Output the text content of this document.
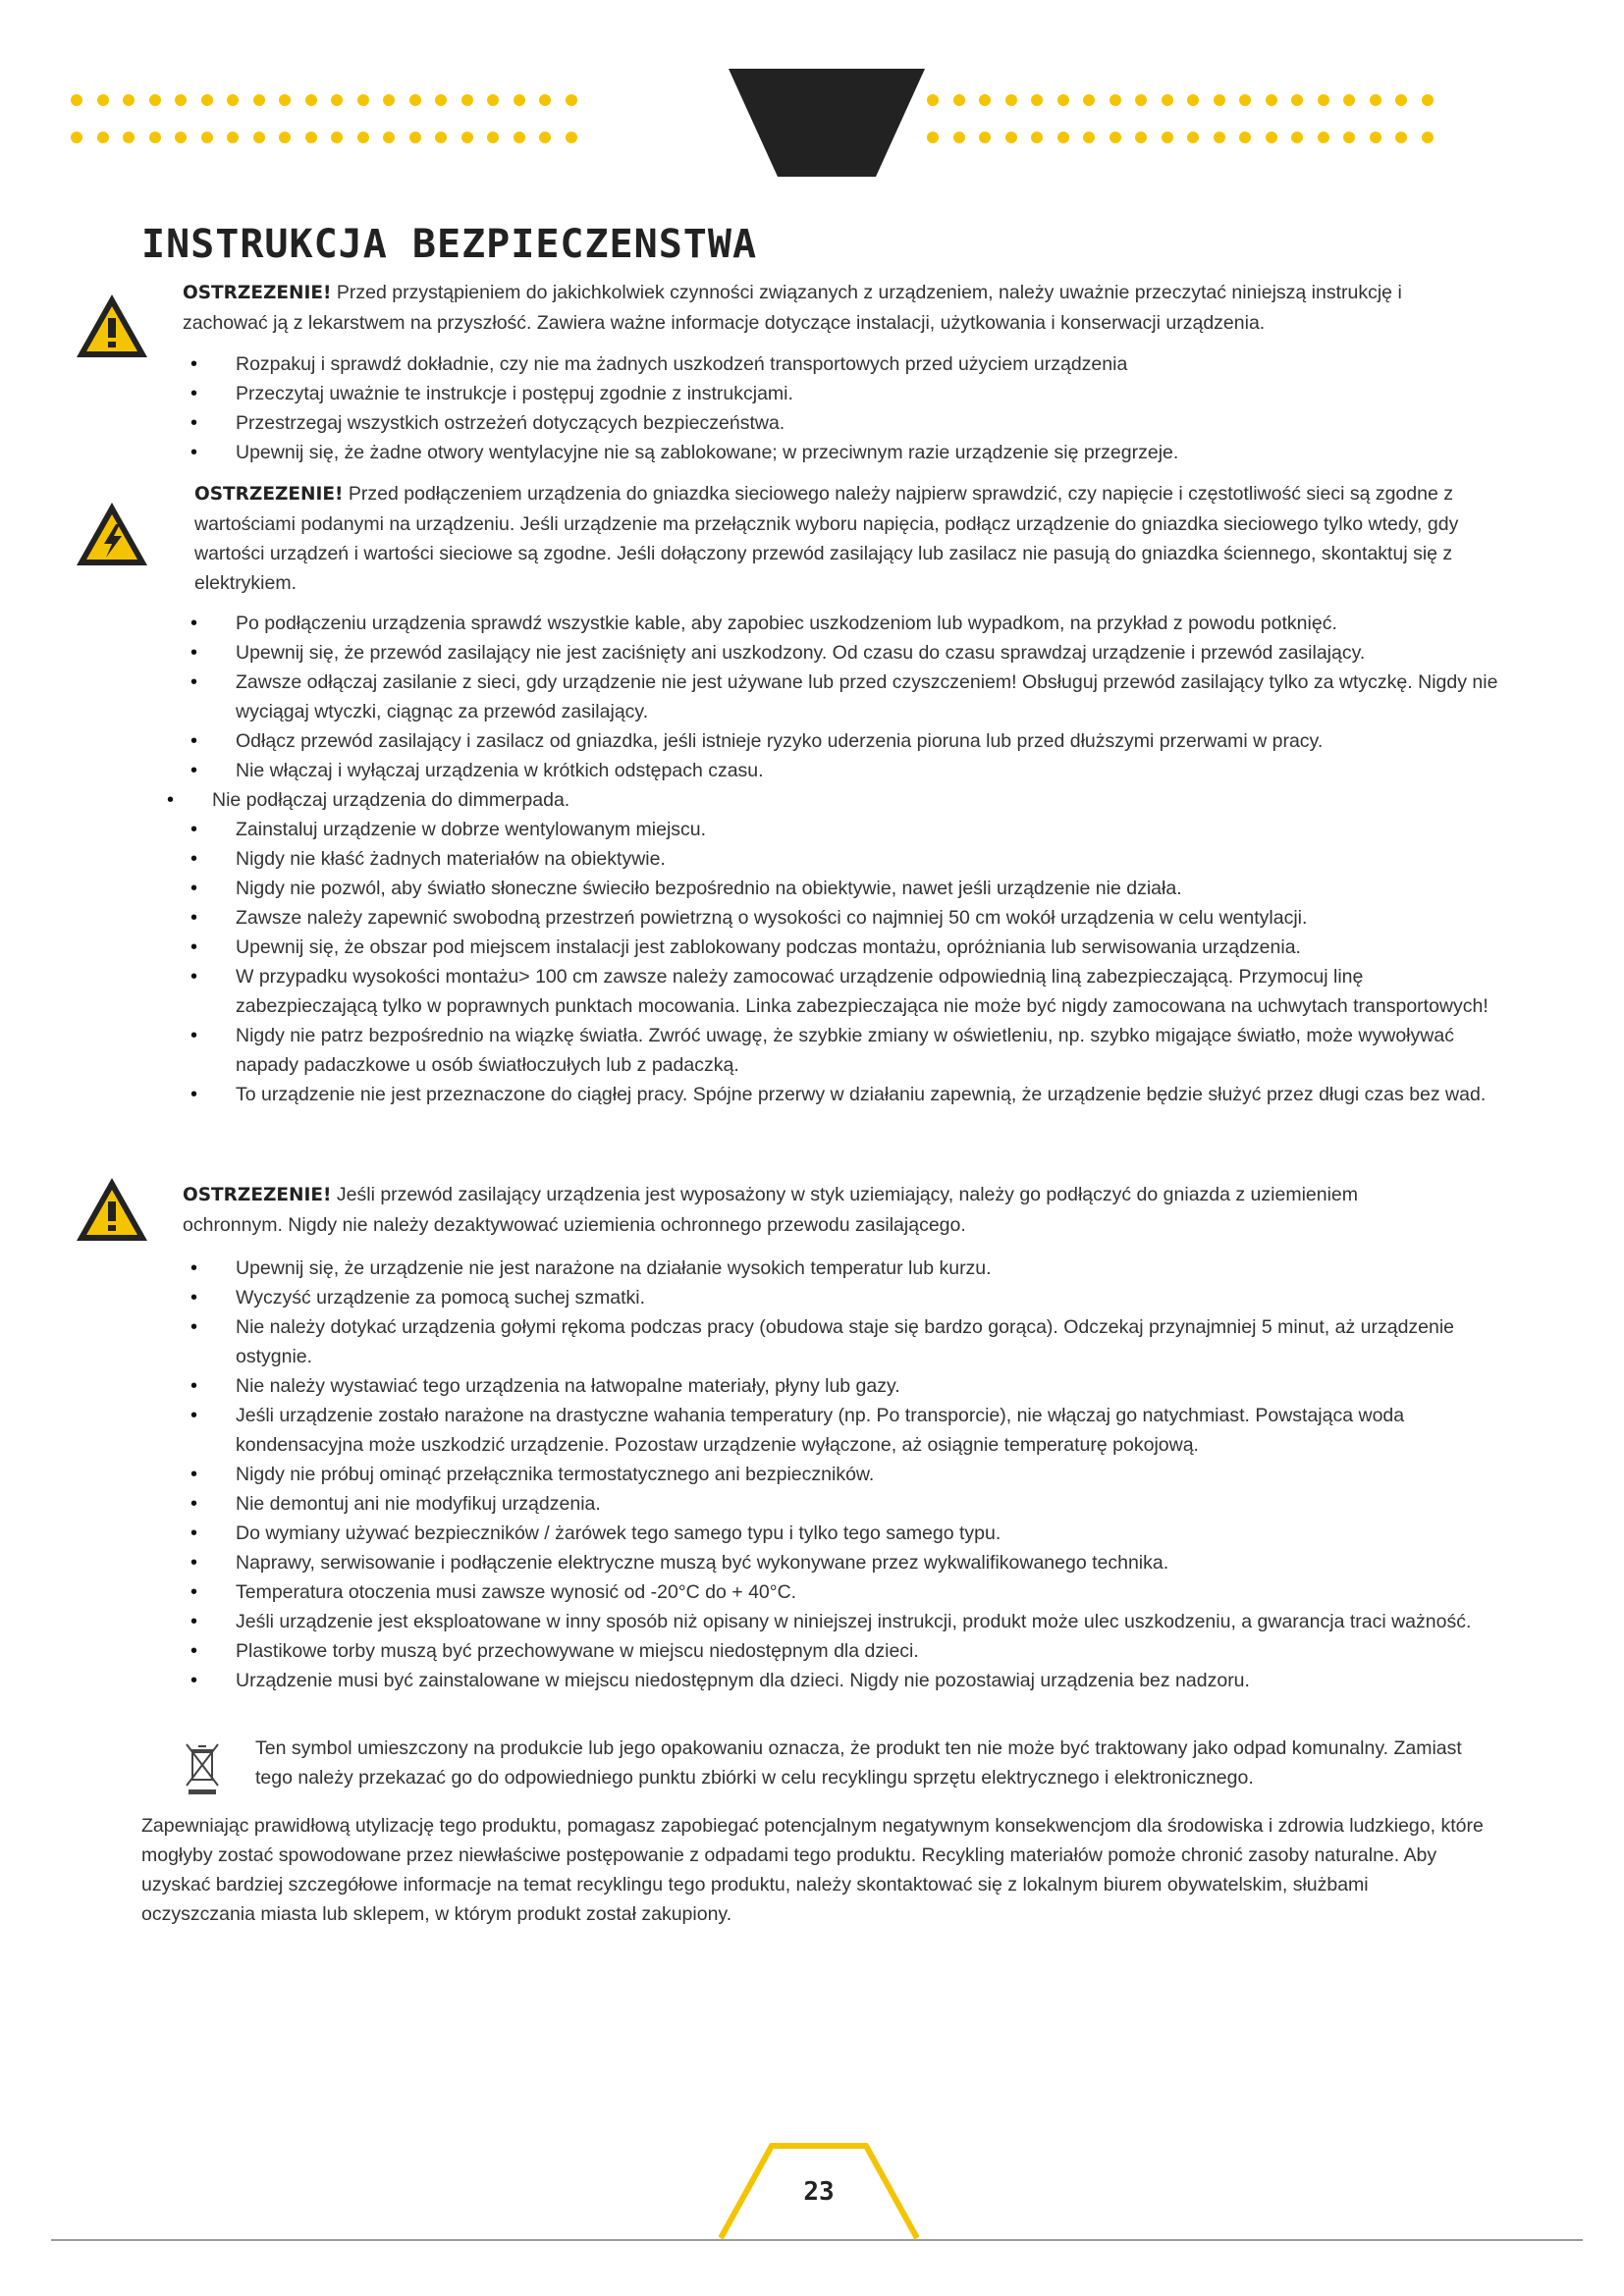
INSTRUKCJA BEZPIECZENSTWA
OSTRZEZENIE! Przed przystąpieniem do jakichkolwiek czynności związanych z urządzeniem, należy uważnie przeczytać niniejszą instrukcję i zachować ją z lekarstwem na przyszłość. Zawiera ważne informacje dotyczące instalacji, użytkowania i konserwacji urządzenia.
• Rozpakuj i sprawdź dokładnie, czy nie ma żadnych uszkodzeń transportowych przed użyciem urządzenia
• Przeczytaj uważnie te instrukcje i postępuj zgodnie z instrukcjami.
• Przestrzegaj wszystkich ostrzeżeń dotyczących bezpieczeństwa.
• Upewnij się, że żadne otwory wentylacyjne nie są zablokowane; w przeciwnym razie urządzenie się przegrzeje.
OSTRZEZENIE! Przed podłączeniem urządzenia do gniazdka sieciowego należy najpierw sprawdzić, czy napięcie i częstotliwość sieci są zgodne z wartościami podanymi na urządzeniu. Jeśli urządzenie ma przełącznik wyboru napięcia, podłącz urządzenie do gniazdka sieciowego tylko wtedy, gdy wartości urządzeń i wartości sieciowe są zgodne. Jeśli dołączony przewód zasilający lub zasilacz nie pasują do gniazdka ściennego, skontaktuj się z elektrykiem.
• Po podłączeniu urządzenia sprawdź wszystkie kable, aby zapobiec uszkodzeniom lub wypadkom, na przykład z powodu potknięć.
• Upewnij się, że przewód zasilający nie jest zaciśnięty ani uszkodzony. Od czasu do czasu sprawdzaj urządzenie i przewód zasilający.
• Zawsze odłączaj zasilanie z sieci, gdy urządzenie nie jest używane lub przed czyszczeniem! Obsługuj przewód zasilający tylko za wtyczkę. Nigdy nie wyciągaj wtyczki, ciągnąc za przewód zasilający.
• Odłącz przewód zasilający i zasilacz od gniazdka, jeśli istnieje ryzyko uderzenia pioruna lub przed dłuższymi przerwami w pracy.
• Nie włączaj i wyłączaj urządzenia w krótkich odstępach czasu.
• Nie podłączaj urządzenia do dimmerpada.
• Zainstaluj urządzenie w dobrze wentylowanym miejscu.
• Nigdy nie kłaść żadnych materiałów na obiektywie.
• Nigdy nie pozwól, aby światło słoneczne świeciło bezpośrednio na obiektywie, nawet jeśli urządzenie nie działa.
• Zawsze należy zapewnić swobodną przestrzeń powietrzną o wysokości co najmniej 50 cm wokół urządzenia w celu wentylacji.
• Upewnij się, że obszar pod miejscem instalacji jest zablokowany podczas montażu, opróżniania lub serwisowania urządzenia.
• W przypadku wysokości montażu> 100 cm zawsze należy zamocować urządzenie odpowiednią liną zabezpieczającą. Przymocuj linę zabezpieczającą tylko w poprawnych punktach mocowania. Linka zabezpieczająca nie może być nigdy zamocowana na uchwytach transportowych!
• Nigdy nie patrz bezpośrednio na wiązkę światła. Zwróć uwagę, że szybkie zmiany w oświetleniu, np. szybko migające światło, może wywoływać napady padaczkowe u osób światłoczułych lub z padaczką.
• To urządzenie nie jest przeznaczone do ciągłej pracy. Spójne przerwy w działaniu zapewnią, że urządzenie będzie służyć przez długi czas bez wad.
OSTRZEZENIE! Jeśli przewód zasilający urządzenia jest wyposażony w styk uziemiający, należy go podłączyć do gniazda z uziemieniem ochronnym. Nigdy nie należy dezaktywować uziemienia ochronnego przewodu zasilającego.
• Upewnij się, że urządzenie nie jest narażone na działanie wysokich temperatur lub kurzu.
• Wyczyść urządzenie za pomocą suchej szmatki.
• Nie należy dotykać urządzenia gołymi rękoma podczas pracy (obudowa staje się bardzo gorąca). Odczekaj przynajmniej 5 minut, aż urządzenie ostygnie.
• Nie należy wystawiać tego urządzenia na łatwopalne materiały, płyny lub gazy.
• Jeśli urządzenie zostało narażone na drastyczne wahania temperatury (np. Po transporcie), nie włączaj go natychmiast. Powstająca woda kondensacyjna może uszkodzić urządzenie. Pozostaw urządzenie wyłączone, aż osiągnie temperaturę pokojową.
• Nigdy nie próbuj ominąć przełącznika termostatycznego ani bezpieczników.
• Nie demontuj ani nie modyfikuj urządzenia.
• Do wymiany używać bezpieczników / żarówek tego samego typu i tylko tego samego typu.
• Naprawy, serwisowanie i podłączenie elektryczne muszą być wykonywane przez wykwalifikowanego technika.
• Temperatura otoczenia musi zawsze wynosić od -20°C do + 40°C.
• Jeśli urządzenie jest eksploatowane w inny sposób niż opisany w niniejszej instrukcji, produkt może ulec uszkodzeniu, a gwarancja traci ważność.
• Plastikowe torby muszą być przechowywane w miejscu niedostępnym dla dzieci.
• Urządzenie musi być zainstalowane w miejscu niedostępnym dla dzieci. Nigdy nie pozostawiaj urządzenia bez nadzoru.
Ten symbol umieszczony na produkcie lub jego opakowaniu oznacza, że produkt ten nie może być traktowany jako odpad komunalny. Zamiast tego należy przekazać go do odpowiedniego punktu zbiórki w celu recyklingu sprzętu elektrycznego i elektronicznego.
Zapewniając prawidłową utylizację tego produktu, pomagasz zapobiegać potencjalnym negatywnym konsekwencjom dla środowiska i zdrowia ludzkiego, które mogłyby zostać spowodowane przez niewłaściwe postępowanie z odpadami tego produktu. Recykling materiałów pomoże chronić zasoby naturalne. Aby uzyskać bardziej szczegółowe informacje na temat recyklingu tego produktu, należy skontaktować się z lokalnym biurem obywatelskim, służbami oczyszczania miasta lub sklepem, w którym produkt został zakupiony.
23
